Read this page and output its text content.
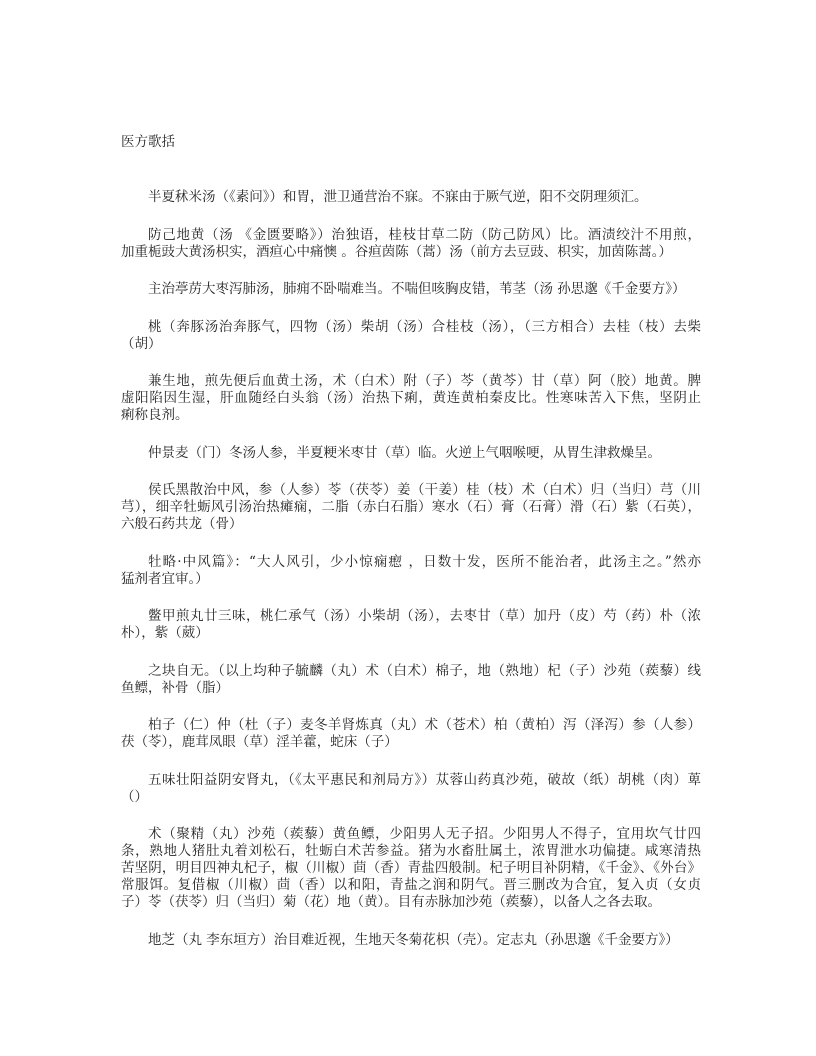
医方歌括
半夏秫米汤（《素问》）和胃，泄卫通营治不寐。不寐由于厥气逆，阳不交阴理须汇。
防己地黄（汤 《金匮要略》）治独语，桂枝甘草二防（防己防风）比。酒渍绞汁不用煎，
加重栀豉大黄汤枳实，酒疸心中痛懊 。谷疸茵陈（蒿）汤（前方去豆豉、枳实，加茵陈蒿。）
主治葶苈大枣泻肺汤，肺痈不卧喘难当。不喘但咳胸皮错，苇茎（汤 孙思邈《千金要方》）
桃（奔豚汤治奔豚气，四物（汤）柴胡（汤）合桂枝（汤），（三方相合）去桂（枝）去柴
（胡）
兼生地，煎先便后血黄土汤，术（白术）附（子）芩（黄芩）甘（草）阿（胶）地黄。脾
虚阳陷因生湿，肝血随经白头翁（汤）治热下痢，黄连黄柏秦皮比。性寒味苦入下焦，坚阴止
痢称良剂。
仲景麦（门）冬汤人参，半夏粳米枣甘（草）临。火逆上气咽喉哽，从胃生津救燥呈。
侯氏黑散治中风，参（人参）苓（茯苓）姜（干姜）桂（枝）术（白术）归（当归）芎（川
芎），细辛牡蛎风引汤治热瘫痫，二脂（赤白石脂）寒水（石）膏（石膏）滑（石）紫（石英），
六般石药共龙（骨）
牡略·中风篇》：“大人风引，少小惊痫瘛 ，日数十发，医所不能治者，此汤主之。”然亦
猛剂者宜审。）
鳖甲煎丸廿三味，桃仁承气（汤）小柴胡（汤），去枣甘（草）加丹（皮）芍（药）朴（浓
朴），紫（葳）
之块自无。（以上均种子毓麟（丸）术（白术）棉子，地（熟地）杞（子）沙苑（蒺藜）线
鱼鳔，补骨（脂）
柏子（仁）仲（杜（子）麦冬羊肾炼真（丸）术（苍术）柏（黄柏）泻（泽泻）参（人参）
茯（苓），鹿茸凤眼（草）淫羊藿，蛇床（子）
五味壮阳益阴安肾丸，（《太平惠民和剂局方》）苁蓉山药真沙苑，破故（纸）胡桃（肉）萆
（）
术（聚精（丸）沙苑（蒺藜）黄鱼鳔，少阳男人无子招。少阳男人不得子，宜用坎气廿四
条，熟地人猪肚丸着刘松石，牡蛎白术苦参益。猪为水畜肚属土，浓胃泄水功偏捷。咸寒清热
苦坚阴，明目四神丸杞子，椒（川椒）茴（香）青盐四般制。杞子明目补阴精，《千金》、《外台》
常服饵。复借椒（川椒）茴（香）以和阳，青盐之润和阴气。晋三删改为合宜，复入贞（女贞
子）苓（茯苓）归（当归）菊（花）地（黄）。目有赤脉加沙苑（蒺藜），以备人之各去取。
地芝（丸 李东垣方）治目难近视，生地天冬菊花枳（壳）。定志丸（孙思邈《千金要方》）
